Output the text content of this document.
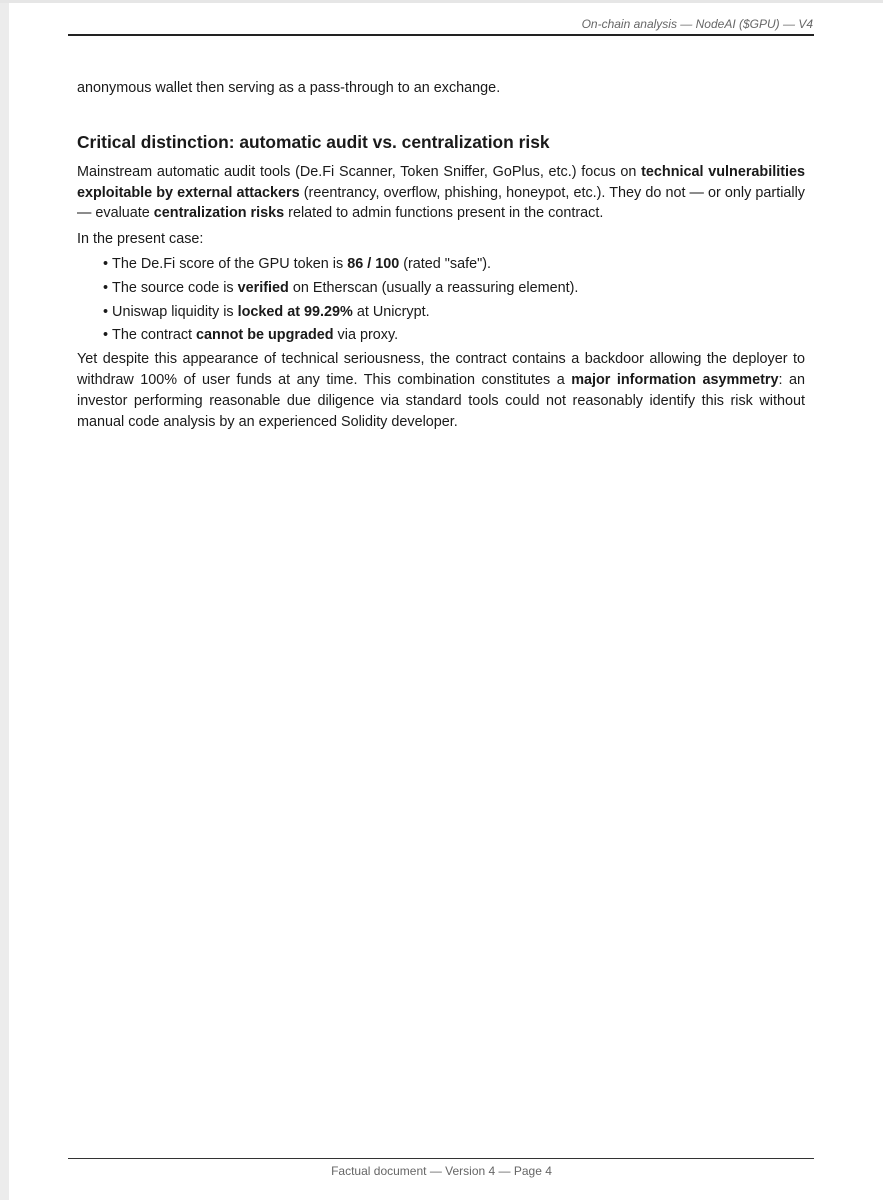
On-chain analysis — NodeAI ($GPU) — V4

anonymous wallet then serving as a pass-through to an exchange.

Critical distinction: automatic audit vs. centralization risk

Mainstream automatic audit tools (De.Fi Scanner, Token Sniffer, GoPlus, etc.) focus on technical vulnerabilities exploitable by external attackers (reentrancy, overflow, phishing, honeypot, etc.). They do not — or only partially — evaluate centralization risks related to admin functions present in the contract.

In the present case:

• The De.Fi score of the GPU token is 86 / 100 (rated "safe").
• The source code is verified on Etherscan (usually a reassuring element).
• Uniswap liquidity is locked at 99.29% at Unicrypt.
• The contract cannot be upgraded via proxy.

Yet despite this appearance of technical seriousness, the contract contains a backdoor allowing the deployer to withdraw 100% of user funds at any time. This combination constitutes a major information asymmetry: an investor performing reasonable due diligence via standard tools could not reasonably identify this risk without manual code analysis by an experienced Solidity developer.

Factual document — Version 4 — Page 4
